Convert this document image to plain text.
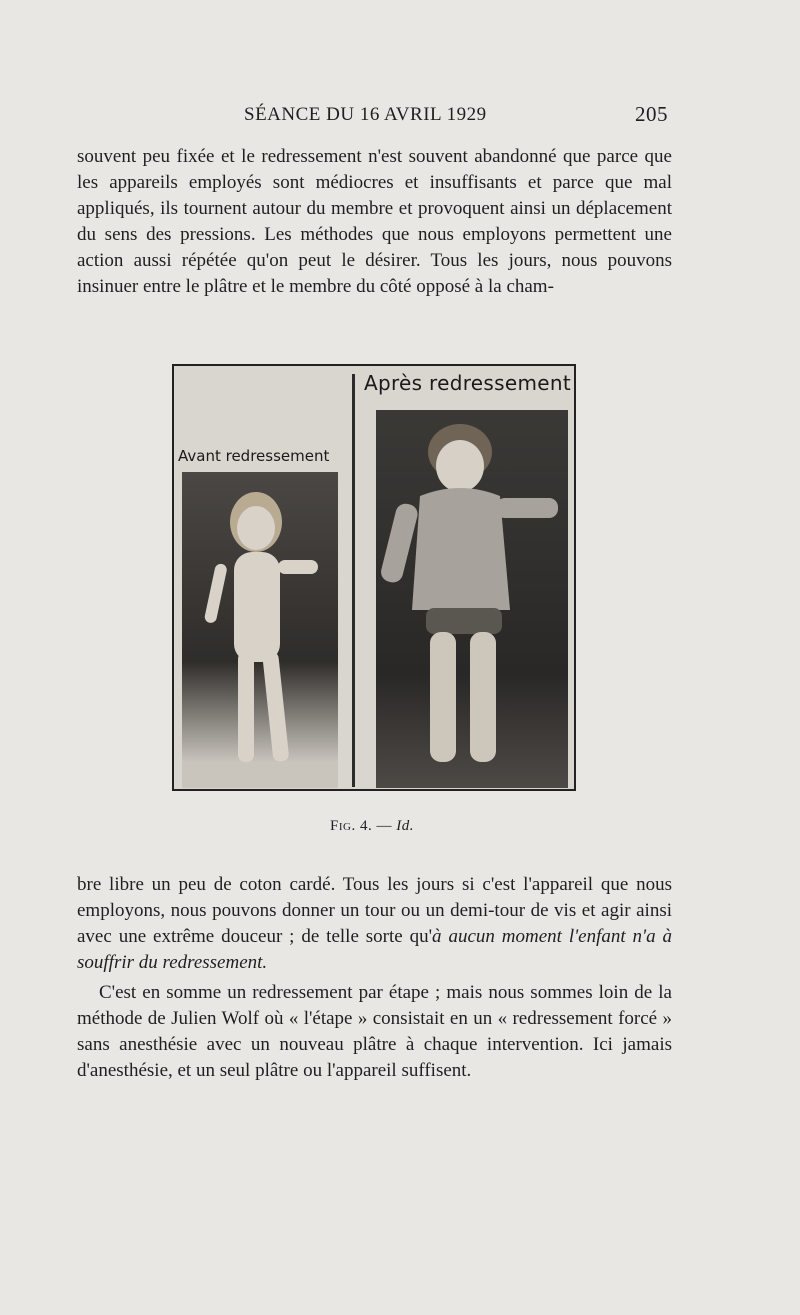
SÉANCE DU 16 AVRIL 1929	205

souvent peu fixée et le redressement n'est souvent abandonné que parce que les appareils employés sont médiocres et insuffisants et parce que mal appliqués, ils tournent autour du membre et provoquent ainsi un déplacement du sens des pressions. Les méthodes que nous employons permettent une action aussi répétée qu'on peut le désirer. Tous les jours, nous pouvons insinuer entre le plâtre et le membre du côté opposé à la cham-

Après redressement
Avant redressement
Fig. 4. — Id.

bre libre un peu de coton cardé. Tous les jours si c'est l'appareil que nous employons, nous pouvons donner un tour ou un demi-tour de vis et agir ainsi avec une extrême douceur ; de telle sorte qu'à aucun moment l'enfant n'a à souffrir du redressement.

C'est en somme un redressement par étape ; mais nous sommes loin de la méthode de Julien Wolf où « l'étape » consistait en un « redressement forcé » sans anesthésie avec un nouveau plâtre à chaque intervention. Ici jamais d'anesthésie, et un seul plâtre ou l'appareil suffisent.
